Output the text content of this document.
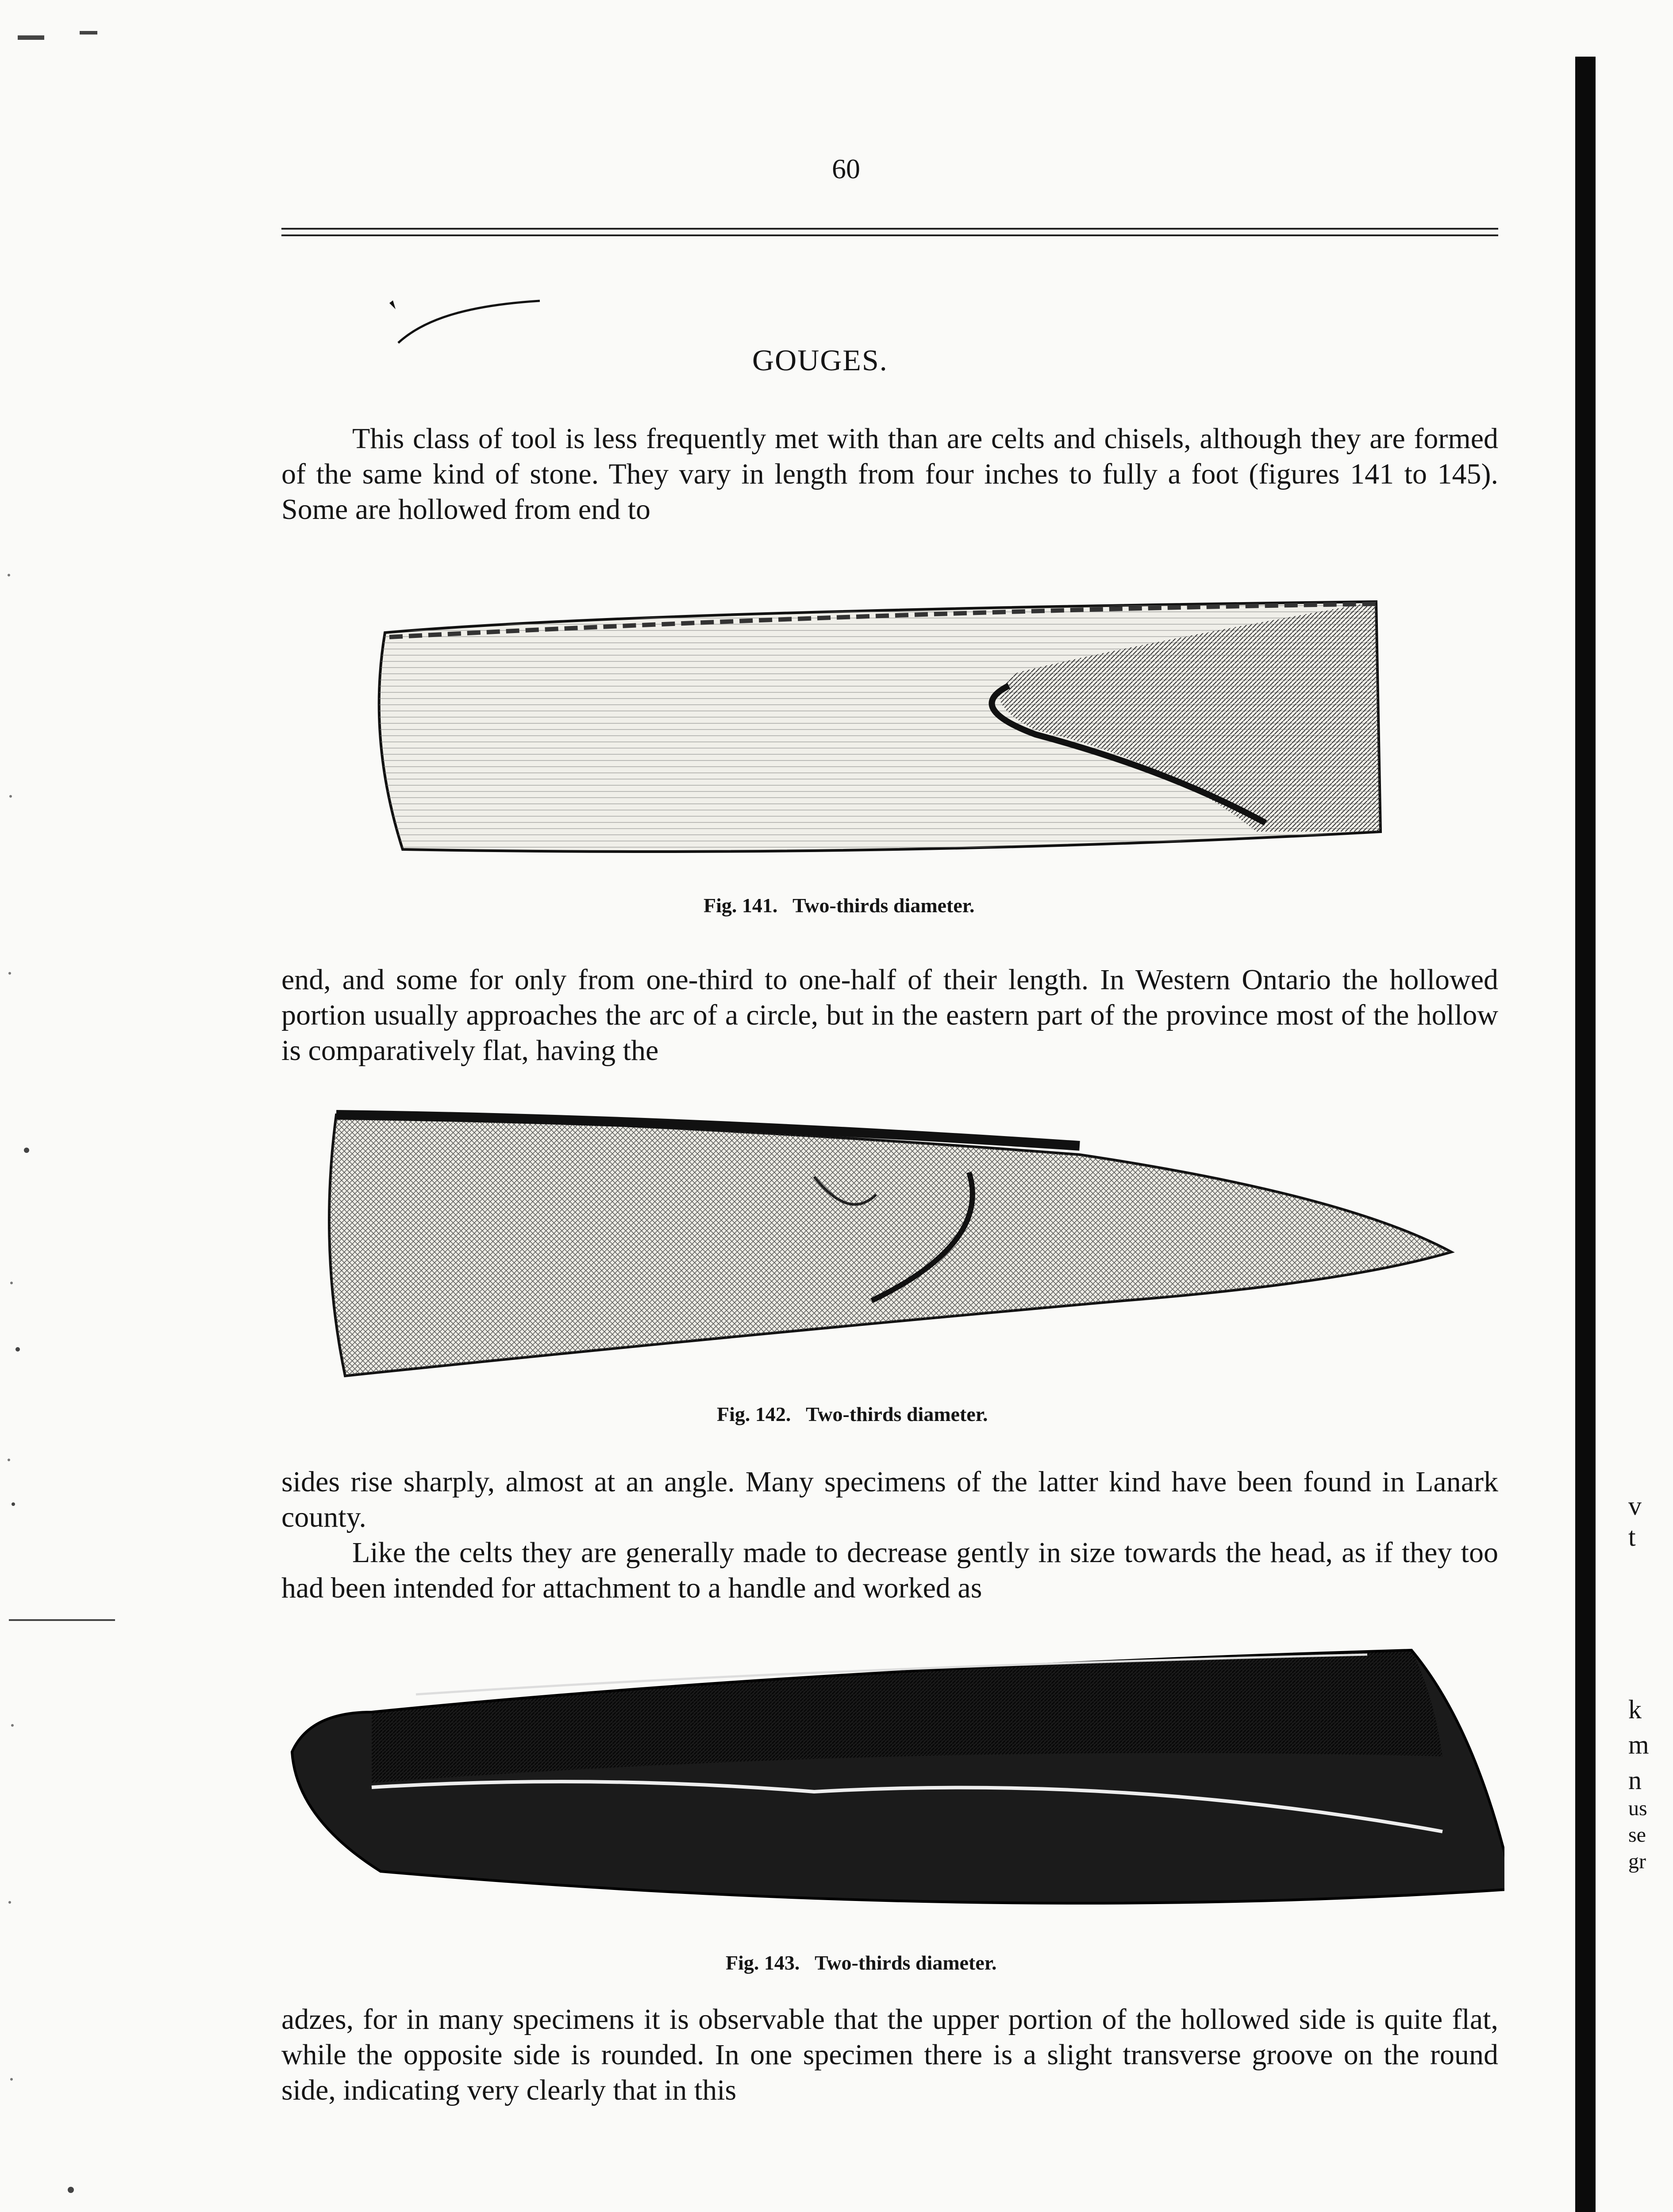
60
GOUGES.

This class of tool is less frequently met with than are celts and chisels, although they are formed of the same kind of stone. They vary in length from four inches to fully a foot (figures 141 to 145). Some are hollowed from end to

Fig. 141. Two-thirds diameter.

end, and some for only from one-third to one-half of their length. In Western Ontario the hollowed portion usually approaches the arc of a circle, but in the eastern part of the province most of the hollow is comparatively flat, having the

Fig. 142. Two-thirds diameter.

sides rise sharply, almost at an angle. Many specimens of the latter kind have been found in Lanark county.

Like the celts they are generally made to decrease gently in size towards the head, as if they too had been intended for attachment to a handle and worked as

Fig. 143. Two-thirds diameter.

adzes, for in many specimens it is observable that the upper portion of the hollowed side is quite flat, while the opposite side is rounded. In one specimen there is a slight transverse groove on the round side, indicating very clearly that in this

v
t
k
m
n
us
se
gr
